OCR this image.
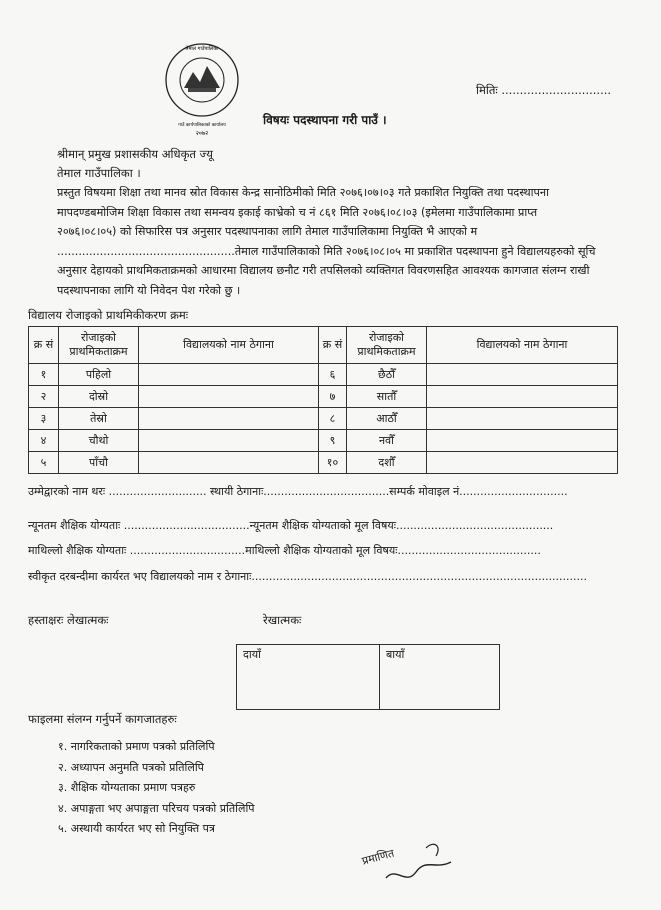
तेमाल गाउँपालिका
गाउँ कार्यपालिकाको कार्यालय
२०७२
मितिः ..............................
विषयः पदस्थापना गरी पाउँ ।
श्रीमान् प्रमुख प्रशासकीय अधिकृत ज्यू
तेमाल गाउँपालिका ।
प्रस्तुत विषयमा शिक्षा तथा मानव स्रोत विकास केन्द्र सानोठिमीको मिति २०७६।०७।०३ गते प्रकाशित नियुक्ति तथा पदस्थापना
मापदण्डबमोजिम शिक्षा विकास तथा समन्वय इकाई काभ्रेको च नं ८६१ मिति २०७६।०८।०३ (इमेलमा गाउँपालिकामा प्राप्त
२०७६।०८।०५) को सिफारिस पत्र अनुसार पदस्थापनाका लागि तेमाल गाउँपालिकामा नियुक्ति भै आएको म
..................................................तेमाल गाउँपालिकाको मिति २०७६।०८।०५ मा प्रकाशित पदस्थापना हुने विद्यालयहरुको सूचि
अनुसार देहायको प्राथमिकताक्रमको आधारमा विद्यालय छनौट गरी तपसिलको व्यक्तिगत विवरणसहित आवश्यक कागजात संलग्न राखी
पदस्थापनाका लागि यो निवेदन पेश गरेको छु ।
विद्यालय रोजाइको प्राथमिकीकरण क्रमः
क्र सं	रोजाइको प्राथमिकताक्रम	विद्यालयको नाम ठेगाना	क्र सं	रोजाइको प्राथमिकताक्रम	विद्यालयको नाम ठेगाना
१	पहिलो		६	छैठौँ	
२	दोस्रो		७	सातौँ	
३	तेस्रो		८	आठौँ	
४	चौथो		९	नवौँ	
५	पाँचौ		१०	दशौँ	
उम्मेद्वारको नाम थरः ............................ स्थायी ठेगानाः....................................सम्पर्क मोवाइल नं...............................
न्यूनतम शैक्षिक योग्यताः ....................................न्यूनतम शैक्षिक योग्यताको मूल विषयः.............................................
माथिल्लो शैक्षिक योग्यताः .................................माथिल्लो शैक्षिक योग्यताको मूल विषयः.........................................
स्वीकृत दरबन्दीमा कार्यरत भए विद्यालयको नाम र ठेगानाः................................................................................................
हस्ताक्षरः लेखात्मकः	रेखात्मकः
दायाँ	बायाँ
फाइलमा संलग्न गर्नुपर्ने कागजातहरुः
१. नागरिकताको प्रमाण पत्रको प्रतिलिपि
२. अध्यापन अनुमति पत्रको प्रतिलिपि
३. शैक्षिक योग्यताका प्रमाण पत्रहरु
४. अपाङ्गता भए अपाङ्गता परिचय पत्रको प्रतिलिपि
५. अस्थायी कार्यरत भए सो नियुक्ति पत्र
प्रमाणित
